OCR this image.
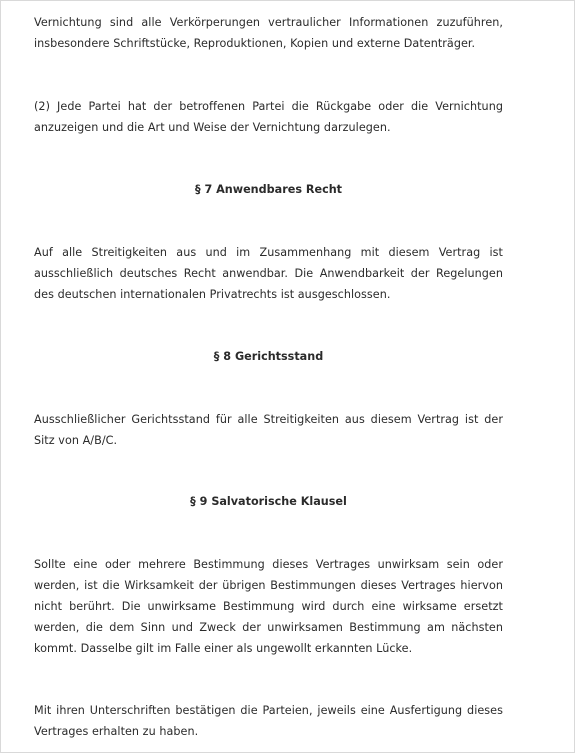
Vernichtung sind alle Verkörperungen vertraulicher Informationen zuzuführen, insbesondere Schriftstücke, Reproduktionen, Kopien und externe Datenträger.

(2) Jede Partei hat der betroffenen Partei die Rückgabe oder die Vernichtung anzuzeigen und die Art und Weise der Vernichtung darzulegen.

§ 7 Anwendbares Recht

Auf alle Streitigkeiten aus und im Zusammenhang mit diesem Vertrag ist ausschließlich deutsches Recht anwendbar. Die Anwendbarkeit der Regelungen des deutschen internationalen Privatrechts ist ausgeschlossen.

§ 8 Gerichtsstand

Ausschließlicher Gerichtsstand für alle Streitigkeiten aus diesem Vertrag ist der Sitz von A/B/C.

§ 9 Salvatorische Klausel

Sollte eine oder mehrere Bestimmung dieses Vertrages unwirksam sein oder werden, ist die Wirksamkeit der übrigen Bestimmungen dieses Vertrages hiervon nicht berührt. Die unwirksame Bestimmung wird durch eine wirksame ersetzt werden, die dem Sinn und Zweck der unwirksamen Bestimmung am nächsten kommt. Dasselbe gilt im Falle einer als ungewollt erkannten Lücke.

Mit ihren Unterschriften bestätigen die Parteien, jeweils eine Ausfertigung dieses Vertrages erhalten zu haben.
